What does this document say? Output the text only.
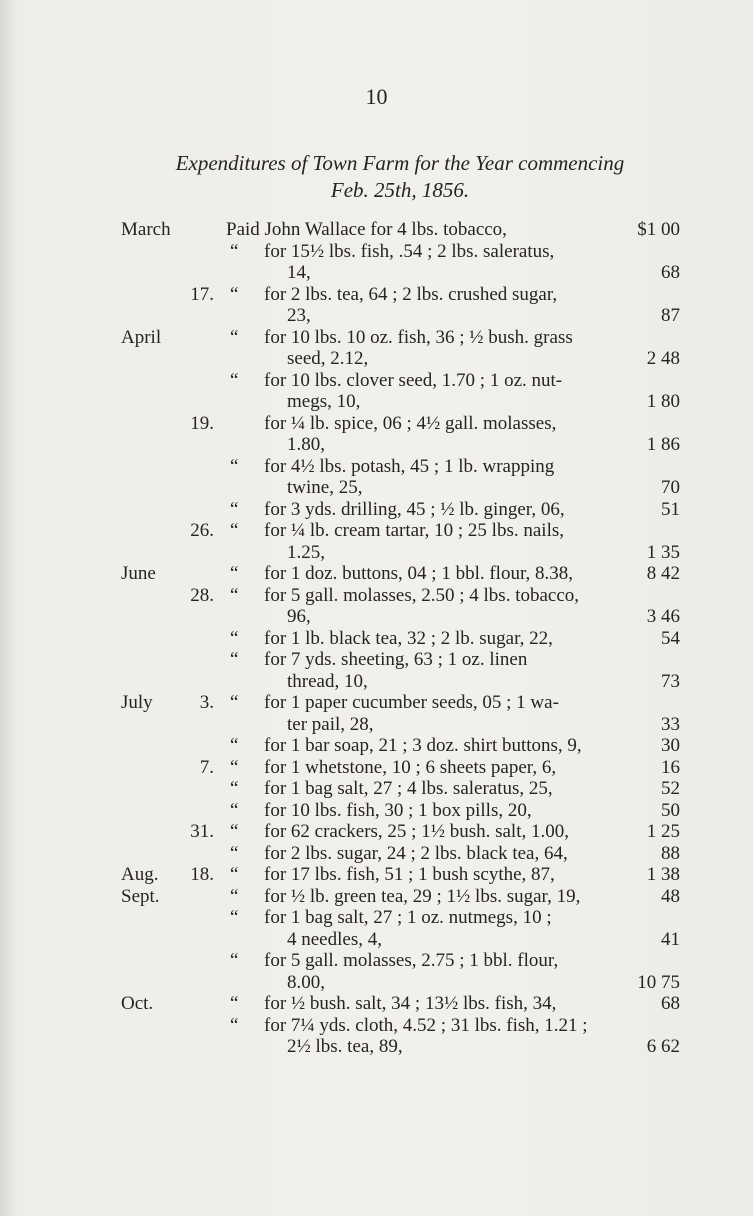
10
Expenditures of Town Farm for the Year commencing
Feb. 25th, 1856.
March	Paid John Wallace for 4 lbs. tobacco,	$1 00
“ for 15½ lbs. fish, .54 ; 2 lbs. saleratus,
14,	68
17. “ for 2 lbs. tea, 64 ; 2 lbs. crushed sugar,
23,	87
April	“ for 10 lbs. 10 oz. fish, 36 ; ½ bush. grass
seed, 2.12,	2 48
“ for 10 lbs. clover seed, 1.70 ; 1 oz. nut-
megs, 10,	1 80
19.	for ¼ lb. spice, 06 ; 4½ gall. molasses,
1.80,	1 86
“ for 4½ lbs. potash, 45 ; 1 lb. wrapping
twine, 25,	70
“ for 3 yds. drilling, 45 ; ½ lb. ginger, 06,	51
26. “ for ¼ lb. cream tartar, 10 ; 25 lbs. nails,
1.25,	1 35
June	“ for 1 doz. buttons, 04 ; 1 bbl. flour, 8.38,	8 42
28. “ for 5 gall. molasses, 2.50 ; 4 lbs. tobacco,
96,	3 46
“ for 1 lb. black tea, 32 ; 2 lb. sugar, 22,	54
“ for 7 yds. sheeting, 63 ; 1 oz. linen
thread, 10,	73
July	3. “ for 1 paper cucumber seeds, 05 ; 1 wa-
ter pail, 28,	33
“ for 1 bar soap, 21 ; 3 doz. shirt buttons, 9,	30
7. “ for 1 whetstone, 10 ; 6 sheets paper, 6,	16
“ for 1 bag salt, 27 ; 4 lbs. saleratus, 25,	52
“ for 10 lbs. fish, 30 ; 1 box pills, 20,	50
31. “ for 62 crackers, 25 ; 1½ bush. salt, 1.00,	1 25
“ for 2 lbs. sugar, 24 ; 2 lbs. black tea, 64,	88
Aug.	18. “ for 17 lbs. fish, 51 ; 1 bush scythe, 87,	1 38
Sept.	“ for ½ lb. green tea, 29 ; 1½ lbs. sugar, 19,	48
“ for 1 bag salt, 27 ; 1 oz. nutmegs, 10 ;
4 needles, 4,	41
“ for 5 gall. molasses, 2.75 ; 1 bbl. flour,
8.00,	10 75
Oct.	“ for ½ bush. salt, 34 ; 13½ lbs. fish, 34,	68
“ for 7¼ yds. cloth, 4.52 ; 31 lbs. fish, 1.21 ;
2½ lbs. tea, 89,	6 62
